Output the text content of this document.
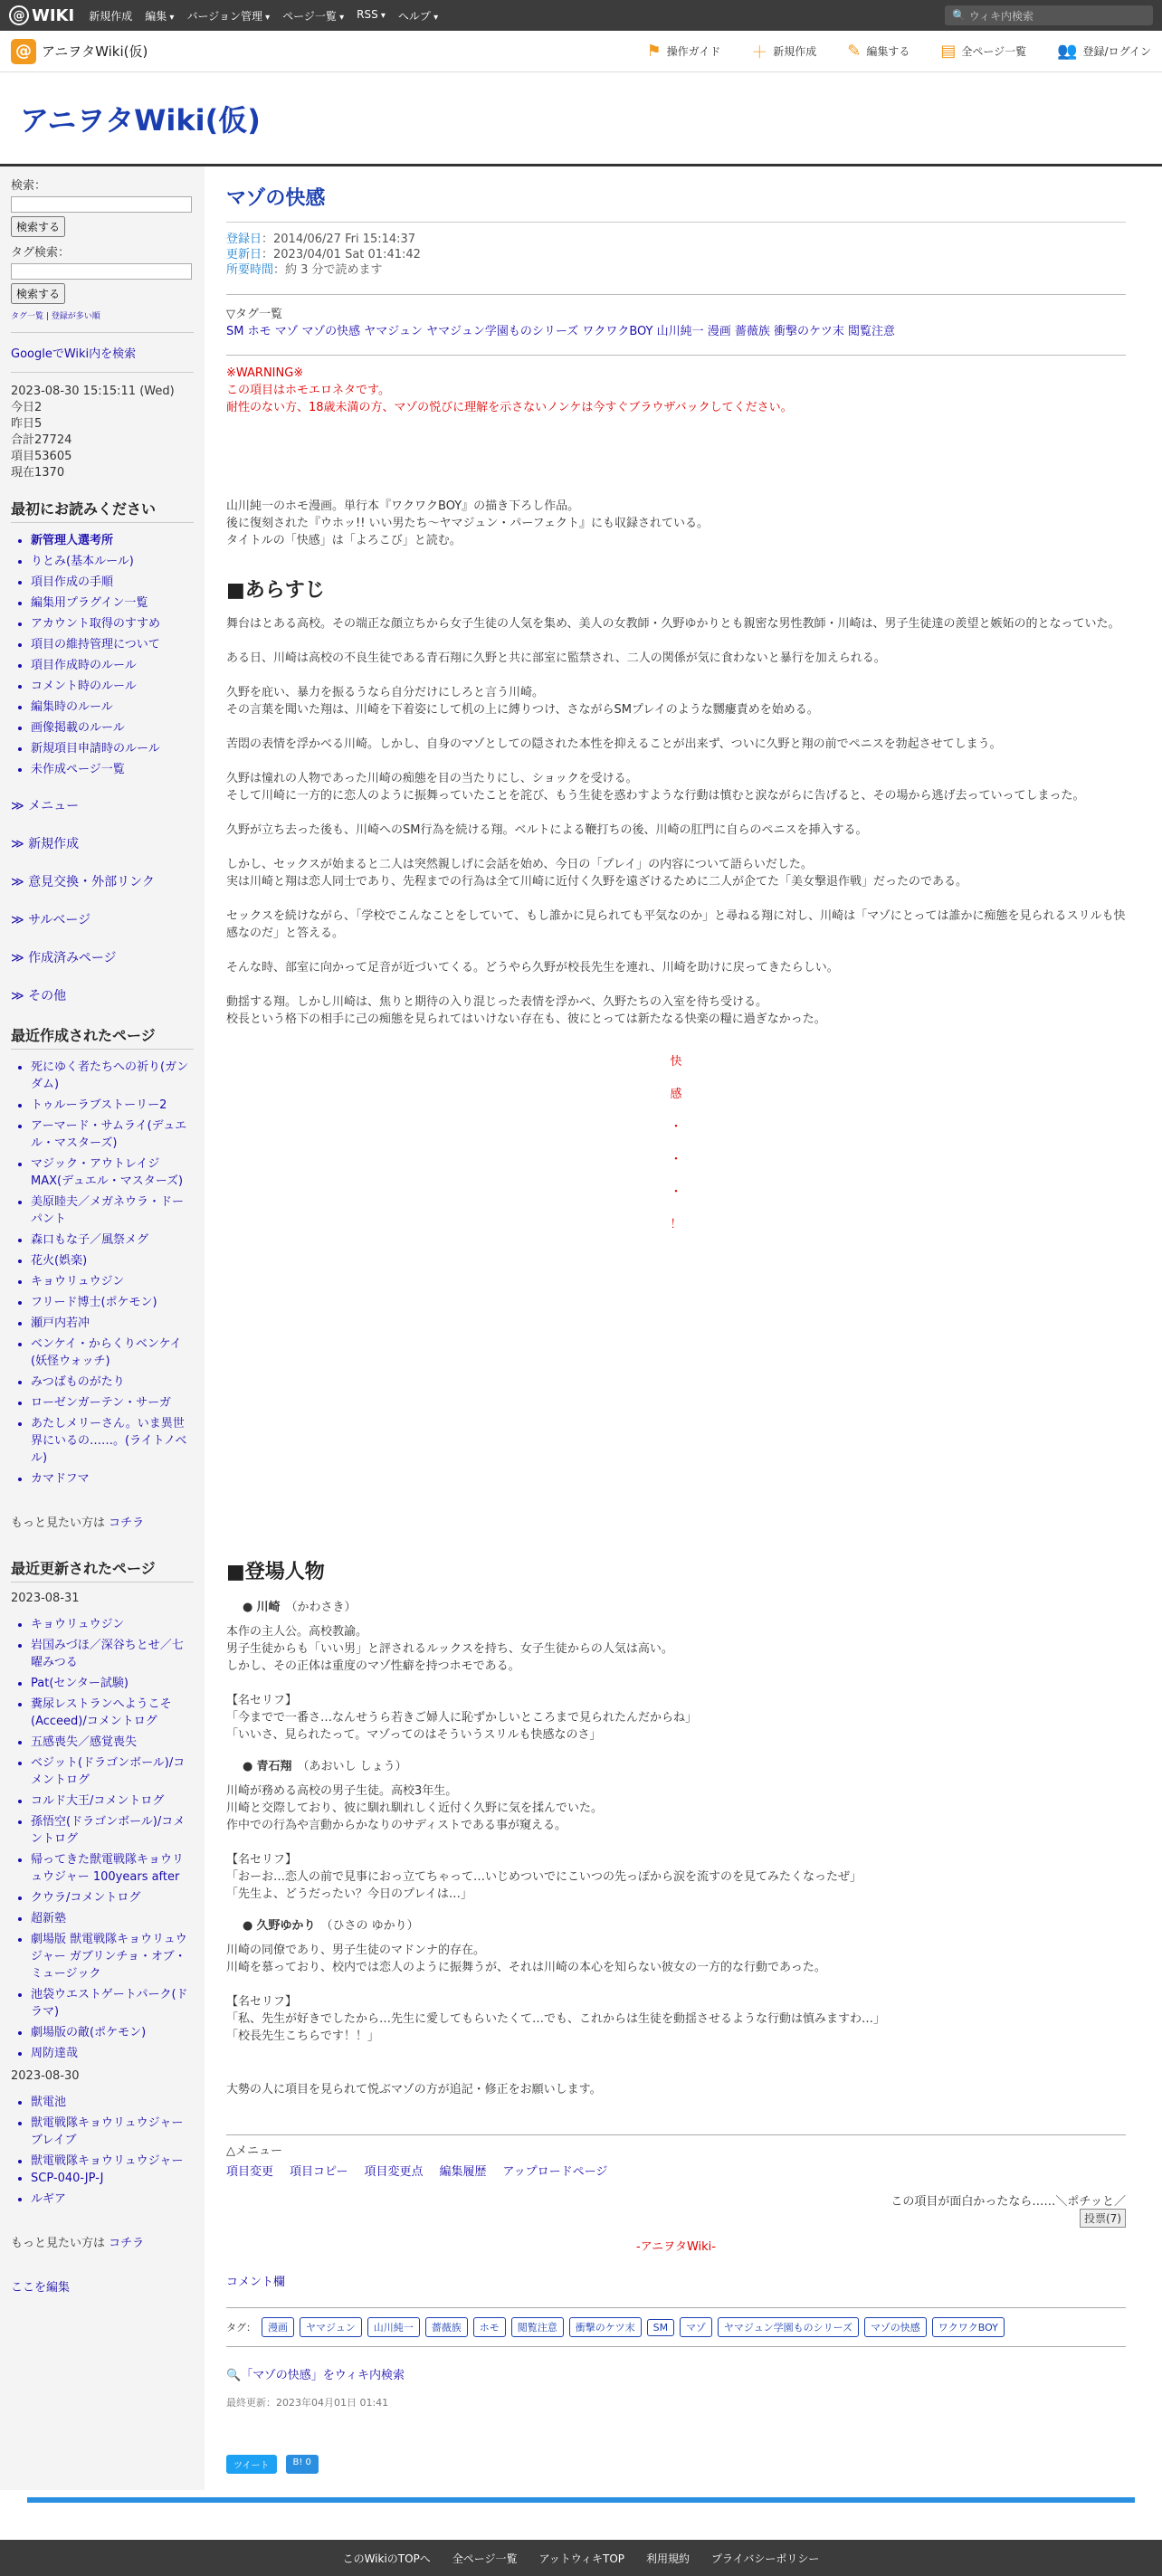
@ WIKI 新規作成 編集 ▾	バージョン管理 ▾	ページ一覧 ▾	RSS ▾	ヘルプ ▾	🔍 ウィキ内検索
@ アニヲタWiki(仮)	⚑ 操作ガイド ＋ 新規作成 ✎ 編集する ▤ 全ページ一覧 👥 登録/ログイン
アニヲタWiki(仮)
検索：
検索する
タグ検索：
検索する
タグ一覧 | 登録が多い順
GoogleでWiki内を検索
2023-08-30 15:15:11 (Wed)
今日2
昨日5
合計27724
項目53605
現在1370
最初にお読みください
• 新管理人選考所
• りとみ(基本ルール)
• 項目作成の手順
• 編集用プラグイン一覧
• アカウント取得のすすめ
• 項目の維持管理について
• 項目作成時のルール
• コメント時のルール
• 編集時のルール
• 画像掲載のルール
• 新規項目申請時のルール
• 未作成ページ一覧
≫ メニュー
≫ 新規作成
≫ 意見交換・外部リンク
≫ サルベージ
≫ 作成済みページ
≫ その他
最近作成されたページ
• 死にゆく者たちへの祈り(ガンダム)
• トゥルーラブストーリー2
• アーマード・サムライ(デュエル・マスターズ)
• マジック・アウトレイジMAX(デュエル・マスターズ)
• 美原睦夫／メガネウラ・ドーパント
• 森口もな子／風祭メグ
• 花火(娯楽)
• キョウリュウジン
• フリード博士(ポケモン)
• 瀬戸内若冲
• ベンケイ・からくりベンケイ(妖怪ウォッチ)
• みつばものがたり
• ローゼンガーテン・サーガ
• あたしメリーさん。いま異世界にいるの……。(ライトノベル)
• カマドフマ
もっと見たい方は コチラ
最近更新されたページ
2023-08-31
• キョウリュウジン
• 岩国みづほ／深谷ちとせ／七曜みつる
• Pat(センター試験)
• 糞尿レストランへようこそ(Acceed)/コメントログ
• 五感喪失／感覚喪失
• ベジット(ドラゴンボール)/コメントログ
• コルド大王/コメントログ
• 孫悟空(ドラゴンボール)/コメントログ
• 帰ってきた獣電戦隊キョウリュウジャー 100years after
• クウラ/コメントログ
• 超新塾
• 劇場版 獣電戦隊キョウリュウジャー ガブリンチョ・オブ・ミュージック
• 池袋ウエストゲートパーク(ドラマ)
• 劇場版の敵(ポケモン)
• 周防達哉
2023-08-30
• 獣電池
• 獣電戦隊キョウリュウジャーブレイブ
• 獣電戦隊キョウリュウジャー
• SCP-040-JP-J
• ルギア
もっと見たい方は コチラ
ここを編集
マゾの快感
登録日：2014/06/27 Fri 15:14:37
更新日：2023/04/01 Sat 01:41:42
所要時間：約 3 分で読めます
▽タグ一覧
SM ホモ マゾ マゾの快感 ヤマジュン ヤマジュン学園ものシリーズ ワクワクBOY 山川純一 漫画 薔薇族 衝撃のケツ末 閲覧注意
※WARNING※
この項目はホモエロネタです。
耐性のない方、18歳未満の方、マゾの悦びに理解を示さないノンケは今すぐブラウザバックしてください。

山川純一のホモ漫画。単行本『ワクワクBOY』の描き下ろし作品。

後に復刻された『ウホッ!! いい男たち〜ヤマジュン・パーフェクト』にも収録されている。

タイトルの「快感」は「よろこび」と読む。

■あらすじ

舞台はとある高校。その端正な顔立ちから女子生徒の人気を集め、美人の女教師・久野ゆかりとも親密な男性教師・川崎は、男子生徒達の羨望と嫉妬の的となっていた。

ある日、川崎は高校の不良生徒である青石翔に久野と共に部室に監禁され、二人の関係が気に食わないと暴行を加えられる。

久野を庇い、暴力を振るうなら自分だけにしろと言う川崎。

その言葉を聞いた翔は、川崎を下着姿にして机の上に縛りつけ、さながらSMプレイのような嬲瘻責めを始める。

苦悶の表情を浮かべる川崎。しかし、自身のマゾとしての隠された本性を抑えることが出来ず、ついに久野と翔の前でペニスを勃起させてしまう。

久野は憧れの人物であった川崎の痴態を目の当たりにし、ショックを受ける。

そして川崎に一方的に恋人のように振舞っていたことを詫び、もう生徒を惑わすような行動は慎むと涙ながらに告げると、その場から逃げ去っていってしまった。

久野が立ち去った後も、川崎へのSM行為を続ける翔。ベルトによる鞭打ちの後、川崎の肛門に自らのペニスを挿入する。

しかし、セックスが始まると二人は突然親しげに会話を始め、今日の「プレイ」の内容について語らいだした。

実は川崎と翔は恋人同士であり、先程までの行為は全て川崎に近付く久野を遠ざけるために二人が企てた「美女撃退作戦」だったのである。

セックスを続けながら、「学校でこんなことをしていて、もし誰かに見られても平気なのか」と尋ねる翔に対し、川崎は「マゾにとっては誰かに痴態を見られるスリルも快感なのだ」と答える。

そんな時、部室に向かって足音が近づいてくる。どうやら久野が校長先生を連れ、川崎を助けに戻ってきたらしい。

動揺する翔。しかし川崎は、焦りと期待の入り混じった表情を浮かべ、久野たちの入室を待ち受ける。

校長という格下の相手に己の痴態を見られてはいけない存在も、彼にとっては新たなる快楽の糧に過ぎなかった。

快
感
・
・
・
！
■登場人物
● 川崎 （かわさき）

本作の主人公。高校教諭。

男子生徒からも「いい男」と評されるルックスを持ち、女子生徒からの人気は高い。

しかし、その正体は重度のマゾ性癖を持つホモである。

【名セリフ】

「今までで一番さ…なんせうら若きご婦人に恥ずかしいところまで見られたんだからね」

「いいさ、見られたって。マゾってのはそういうスリルも快感なのさ」

● 青石翔 （あおいし しょう）

川崎が務める高校の男子生徒。高校3年生。

川崎と交際しており、彼に馴れ馴れしく近付く久野に気を揉んでいた。

作中での行為や言動からかなりのサディストである事が窺える。

【名セリフ】

「おーお…恋人の前で見事におっ立てちゃって…いじめついでにこいつの先っぽから涙を流すのを見てみたくなったぜ」

「先生よ、どうだったい？今日のプレイは…」

● 久野ゆかり （ひさの ゆかり）

川崎の同僚であり、男子生徒のマドンナ的存在。

川崎を慕っており、校内では恋人のように振舞うが、それは川崎の本心を知らない彼女の一方的な行動であった。

【名セリフ】

「私、先生が好きでしたから…先生に愛してもらいたくて…でも、これからは生徒を動揺させるような行動は慎みますわ…」

「校長先生こちらです！！」

大勢の人に項目を見られて悦ぶマゾの方が追記・修正をお願いします。

△メニュー
項目変更 項目コピー 項目変更点 編集履歴 アップロードページ
この項目が面白かったなら……＼ポチッと／
投票(7)
-アニヲタWiki-
コメント欄
タグ：	漫画	ヤマジュン	山川純一	薔薇族	ホモ	閲覧注意	衝撃のケツ末	SM	マゾ	ヤマジュン学園ものシリーズ	マゾの快感	ワクワクBOY
🔍「マゾの快感」をウィキ内検索
最終更新：2023年04月01日 01:41
ツイート	B! 0
このWikiのTOPへ 全ページ一覧 アットウィキTOP 利用規約 プライバシーポリシー
